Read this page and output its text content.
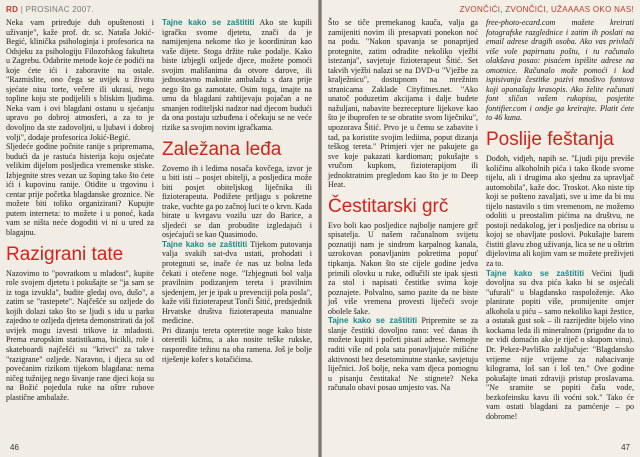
RD | PROSINAC 2007.

Neka vam priređuje duh opuštenosti i uživanje", kaže prof. dr. sc. Nataša Jokić-Begić, klinička psihologinja i profesorica na Odsjeku za psihologiju Filozofskog fakulteta u Zagrebu. Odabrite metode koje će podići na koje ćete ići i zaboravite na ostale. "Razmislite, ono čega se uvijek u životu sjećate nisu torte, večere ili ukrasi, nego topline koju ste podijelili s bliskim ljudima. Neka vam i ovi blagdani ostanu u sjećanju upravo po dobroj atmosferi, a za to je dovoljno da ste zadovoljni, u ljubavi i dobroj volji", dodaje profesorica Jokić-Begić.

Sljedeće godine počnite ranije s pripremama, budući da je rastuća histerija koju osjećate velikim dijelom posljedica vremenske stiske. Izbjegnite stres vezan uz šoping tako što ćete ići i kupovinu ranije. Otiđite u trgovinu i centar prije početka blagdanske groznice. Ne možete biti toliko organizirani? Kupujte putem interneta: to možete i u ponoć, kada vam se ništa neće dogoditi vi ni u ured za blagajnu.

Razigrani tate

Nazovimo to "povratkom u mladost", kupite role svojem djetetu i pokušajte se "ja sam se iz toga izvukla", budite gledaj ovo, dušo", a zatim se "rastepete". Najčešće su ozljede do kojih dolazi tako što se ljudi s idu u parku zajedno te ozljeda djeteta demonstrirati da još uvijek mogu izvesti trikove iz mladosti. Prema europskim statistikama, bicikli, role i skateboardi najčešći su "krivci" za takve "razigrane" ozljede. Naravno, i djeca su od povećanim rizikom tijekom blagdana: nema ničeg tužnijeg nego šivanje rane djeci koja su na Božić pojedula ruke na oštre rubove plastične ambalaže.

Tajne kako se zaštititi Ako ste kupili igračku svome djetetu, znači da je namijenjena nekome tko je koordiniran kao vaše dijete. Stoga držite ruke podalje. Kako biste izbjegli ozljede djece, možete pomoći svojim mališanima da otvore darove, ili jednostavno maknite ambalažu s dara prije nego što ga zamotate. Osim toga, imajte na umu da blagdani zahtijevaju pojačan a ne smanjen roditeljski nadzor nad djecom budući da ona postaju uzbuđena i očekuju se ne veće rizike sa svojim novim igračkama.

Zaležana leđa

Zovemo ih i ledima nosača kovčega, izvor je u biti isti – posjet obitelji, a posljedica može biti posjet obiteljskog liječnika ili fizioterapeuta. Podižete prtljagu s pokretne trake, vuchte ga po začnoj luci te o krvn. Kada birate u kvrgavu vozilu uzr do Barice, a sljedeći se dan probudite izgledajući i osjećajući se kao Quasimodo.

Tajne kako se zaštititi Tijekom putovanja valja svakih sat-dva ustati, prohodati i protegnuti se, inače će nas uz bolna leđa čekati i otečene noge. "Izbjegnuti bol valja pravilnim podizanjem tereta i pravilnim sjedenjem, jer je ipak u prevenciji pola posla", kaže viši fizioterapeut Tonči Šitić, predsjednik Hrvatske društva fizioterapeuta manualne medicine.

Pri dizanju tereta opteretite noge kako biste oteretili kičmu, a ako nosite teške rukske, rasporedite težinu na oba ramena. Još je bolje riješenje kofer s kotačićima.

46
ZVONČIĆI, ZVONČIĆI, UŽAAAAS OKO NAS!

Što se tiče premekanog kauča, valja ga zamijeniti novim ili presapvati ponekon noć na podu. "Nakon spavanja se ponaprijed protegnite, zatim odradite nekoliko vježbi istezanja", savjetuje fizioterapeut Šitić. Set takvih vježbi nalazi se na DVD-u "Vježbe za kralježnicu", dostupnom na mrežnim stranicama Zaklade Cityfitnes.net. "Ako unatoč poduzetim akcijama i dalje budete nažuljani, nabavite bezrecepture lijekove kao što je ibuprofen te se obratite svom liječniku", upozorava Šitić. Prvo je u čemu se zabavite i tad, pa koristite svojim lediima, poput dizanja teškog tereta." Primjeri vjer ne pakujete ga sve koje pakazati kardioman; pokušajte s vručom kupkom, fizioterapijom ili jednoktratnim pregledom kao što je to Deep Heat.

Čestitarski grč

Evo boli kao posljedice najbolje namjere grč spisatelja. U našem računalnom svijetu poznatiji nam je sindrom karpalnog kanala, uzrokovan ponavljanim pokretima popuť tipkanja. Nakon što ste cijele godine jedva primili olovku u ruke, odlučili ste ipak sjesti za stol i napisati čestitke svima koje poznajete. Polvalno, samo pazite da ne biste još više vremena provesti liječeći svoje obolele šake.

Tajne kako se zaštititi Pripremite se za slanje čestitki dovoljno rano: već danas ih možete kupiti i početi pisati adrese. Nemojte raditi više od pola sata ponavljajuće mišićne aktivnosti bez desetominutne stanke, savjetuju liječnici. Još bolje, neka vam djeca pomognu u pisanju čestitaka! Ne stignete? Neka računalo obavi posao umjesto vas. Na

free-photo-ecard.com možete kreirati fotografske razglednice i zatim ih poslati na email adrese dragih osoba. Ako vas privlači više vole papirnatu poštu, i tu računalo olakšava posao: pisaćem ispišite adrese na omotnice. Računalo može pomoći i kod ispisivanja čestitke pozivi mnoštvo fontova koji oponašaju krasopis. Ako želite računati font sličan vašem rukopisu, posjetite fontifier.com i ondje ga kreirajte. Platit ćete to 46 kuna.

Poslije feštanja

Dođoh, vidjeh, napih se. "Ljudi piju previše količinu alkoholnih pića i tako škode svome tijelu, ali i drugima ako sjednu za upravljač automobila", kaže doc. Troskot. Ako niste tip koji se pošteno zavaljati, sve u ime da bi mu tijelo nastavilo s tim vremenom, ne možemo odoliti u preostalim pićima na društvu, ne postoji nedakolog, jer i posljedice na obrisu u kojoj se obavljate poslovi. Pokušajte barem čistiti glavu zbog uživanja, lica se ne u oštrim dijelovima ali kojim vam se možete preživjeti za to.

Tajne kako se zaštititi Većini ljudi dovoljna su dva pića kako bi se osjećali "ufurali" u blagdansko raspoloženje. Ako planirate popiti više, promijenite omjer alkohola u piću – samo nekoliko kapi žestice, a ostatak gust sok – ili razrijedite bijelo vino kockama leda ili mineralnom (prigodne da to ne vidi domaćin ako je riječ o skupom vinu). Dr. Pekez-Pavliško zaključuje: "Blagdansko vrijeme nije vrijeme za nabacivanje kilograma, loš san i loš ten." Ove godine pokušajte imati zdraviji pristup proslavama. "Ne sramite se popiti čašu vode, bezkofeinsku kavu ili voćni sok." Tako će vam ostati blagdani za pamćenje – po dobrome!

47
